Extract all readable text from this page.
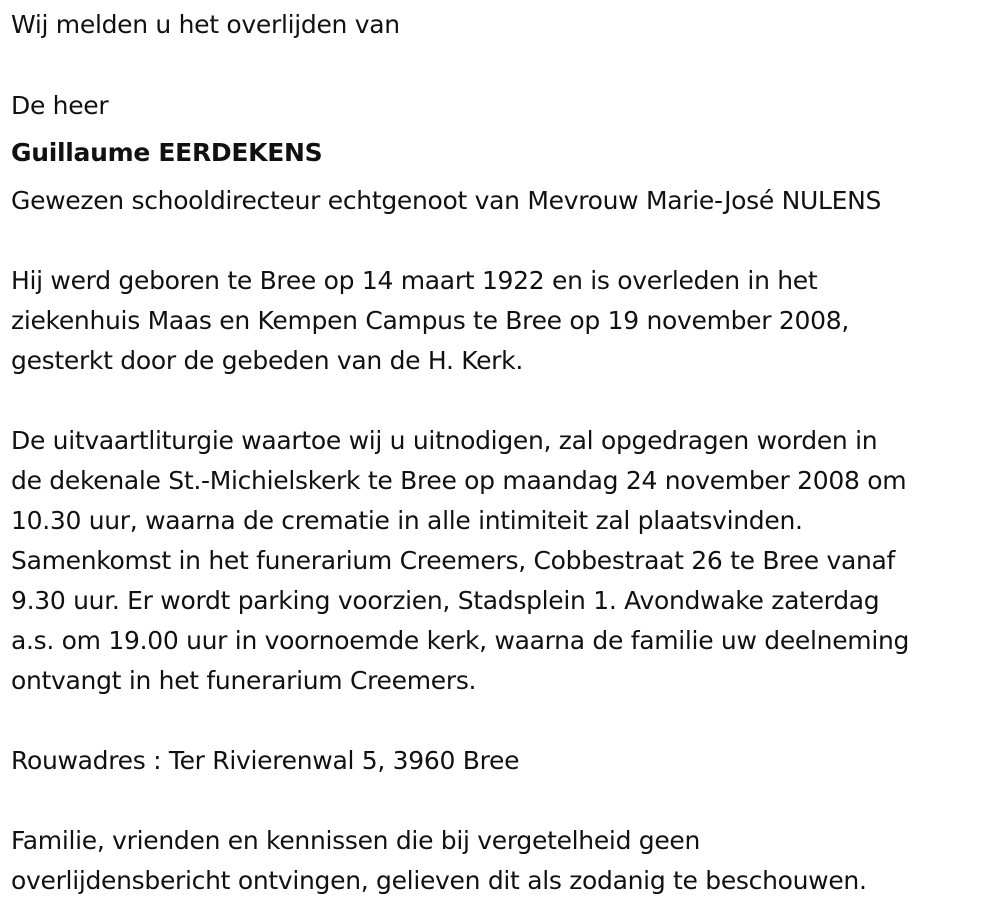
Wij melden u het overlijden van
De heer
Guillaume EERDEKENS
Gewezen schooldirecteur echtgenoot van Mevrouw Marie-José NULENS
Hij werd geboren te Bree op 14 maart 1922 en is overleden in het
ziekenhuis Maas en Kempen Campus te Bree op 19 november 2008,
gesterkt door de gebeden van de H. Kerk.
De uitvaartliturgie waartoe wij u uitnodigen, zal opgedragen worden in
de dekenale St.-Michielskerk te Bree op maandag 24 november 2008 om
10.30 uur, waarna de crematie in alle intimiteit zal plaatsvinden.
Samenkomst in het funerarium Creemers, Cobbestraat 26 te Bree vanaf
9.30 uur. Er wordt parking voorzien, Stadsplein 1. Avondwake zaterdag
a.s. om 19.00 uur in voornoemde kerk, waarna de familie uw deelneming
ontvangt in het funerarium Creemers.
Rouwadres : Ter Rivierenwal 5, 3960 Bree
Familie, vrienden en kennissen die bij vergetelheid geen
overlijdensbericht ontvingen, gelieven dit als zodanig te beschouwen.
